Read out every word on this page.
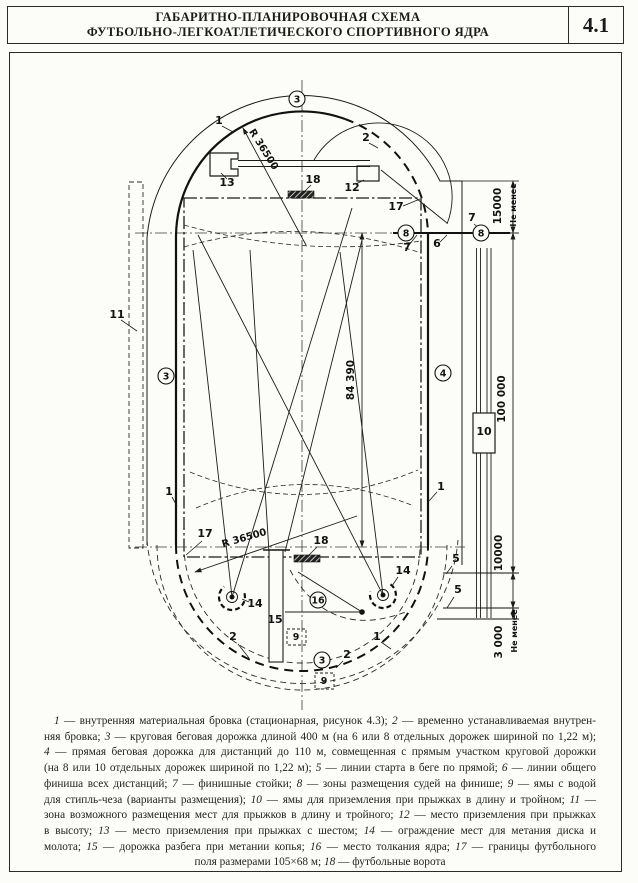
ГАБАРИТНО-ПЛАНИРОВОЧНАЯ СХЕМА
ФУТБОЛЬНО-ЛЕГКОАТЛЕТИЧЕСКОГО СПОРТИВНОГО ЯДРА	4.1
1
2
13	18
12
17
7
6
7
11
1	1
17
14
14
15
1
2
2
5
5
18
3
3	4
3
8	8
16
9
9
10
15000 Не менее
100 000
10000
3 000 Не менее
84 390
R 36500
R 36500
1 — внутренняя материальная бровка (стационарная, рисунок 4.3); 2 — временно устанавливаемая внутрен-
няя бровка; 3 — круговая беговая дорожка длиной 400 м (на 6 или 8 отдельных дорожек шириной по 1,22 м);
4 — прямая беговая дорожка для дистанций до 110 м, совмещенная с прямым участком круговой дорожки
(на 8 или 10 отдельных дорожек шириной по 1,22 м); 5 — линии старта в беге по прямой; 6 — линии общего
финиша всех дистанций; 7 — финишные стойки; 8 — зоны размещения судей на финише; 9 — ямы с водой
для стипль-чеза (варианты размещения); 10 — ямы для приземления при прыжках в длину и тройном; 11 —
зона возможного размещения мест для прыжков в длину и тройного; 12 — место приземления при прыжках
в высоту; 13 — место приземления при прыжках с шестом; 14 — ограждение мест для метания диска и
молота; 15 — дорожка разбега при метании копья; 16 — место толкания ядра; 17 — границы футбольного
поля размерами 105×68 м; 18 — футбольные ворота
